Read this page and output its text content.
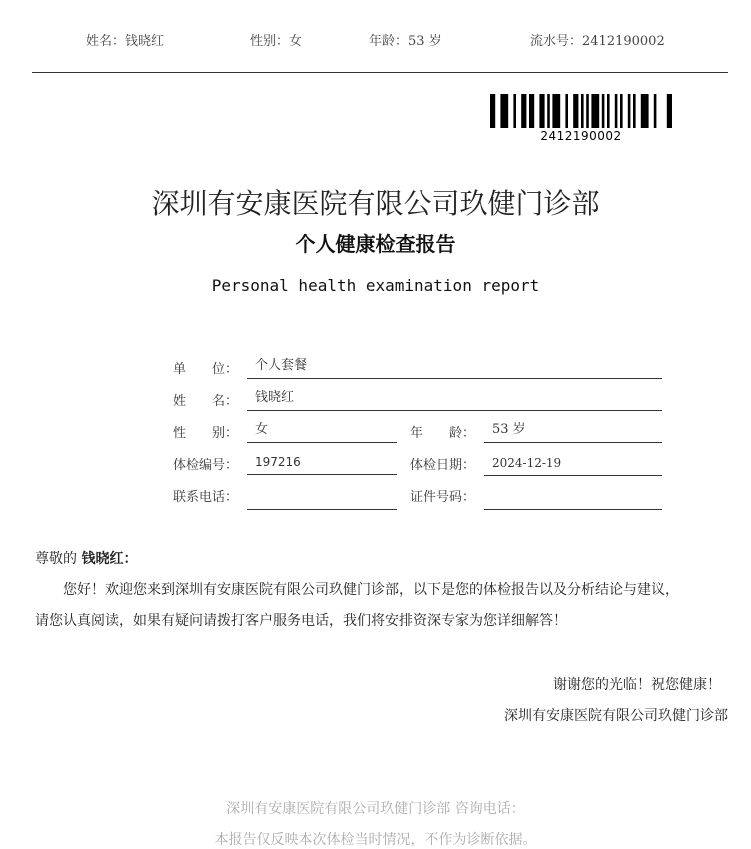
姓名：钱晓红	性别：女	年龄：53 岁	流水号：2412190002
2412190002
深圳有安康医院有限公司玖健门诊部
个人健康检查报告
Personal health examination report
单　　位：	个人套餐
姓　　名：	钱晓红
性　　别：	女	年　　龄：	53 岁
体检编号：	197216	体检日期：	2024-12-19
联系电话：	证件号码：
尊敬的 钱晓红：
您好！欢迎您来到深圳有安康医院有限公司玖健门诊部，以下是您的体检报告以及分析结论与建议，
请您认真阅读，如果有疑问请拨打客户服务电话，我们将安排资深专家为您详细解答！
谢谢您的光临！祝您健康！
深圳有安康医院有限公司玖健门诊部
深圳有安康医院有限公司玖健门诊部 咨询电话：
本报告仅反映本次体检当时情况，不作为诊断依据。
